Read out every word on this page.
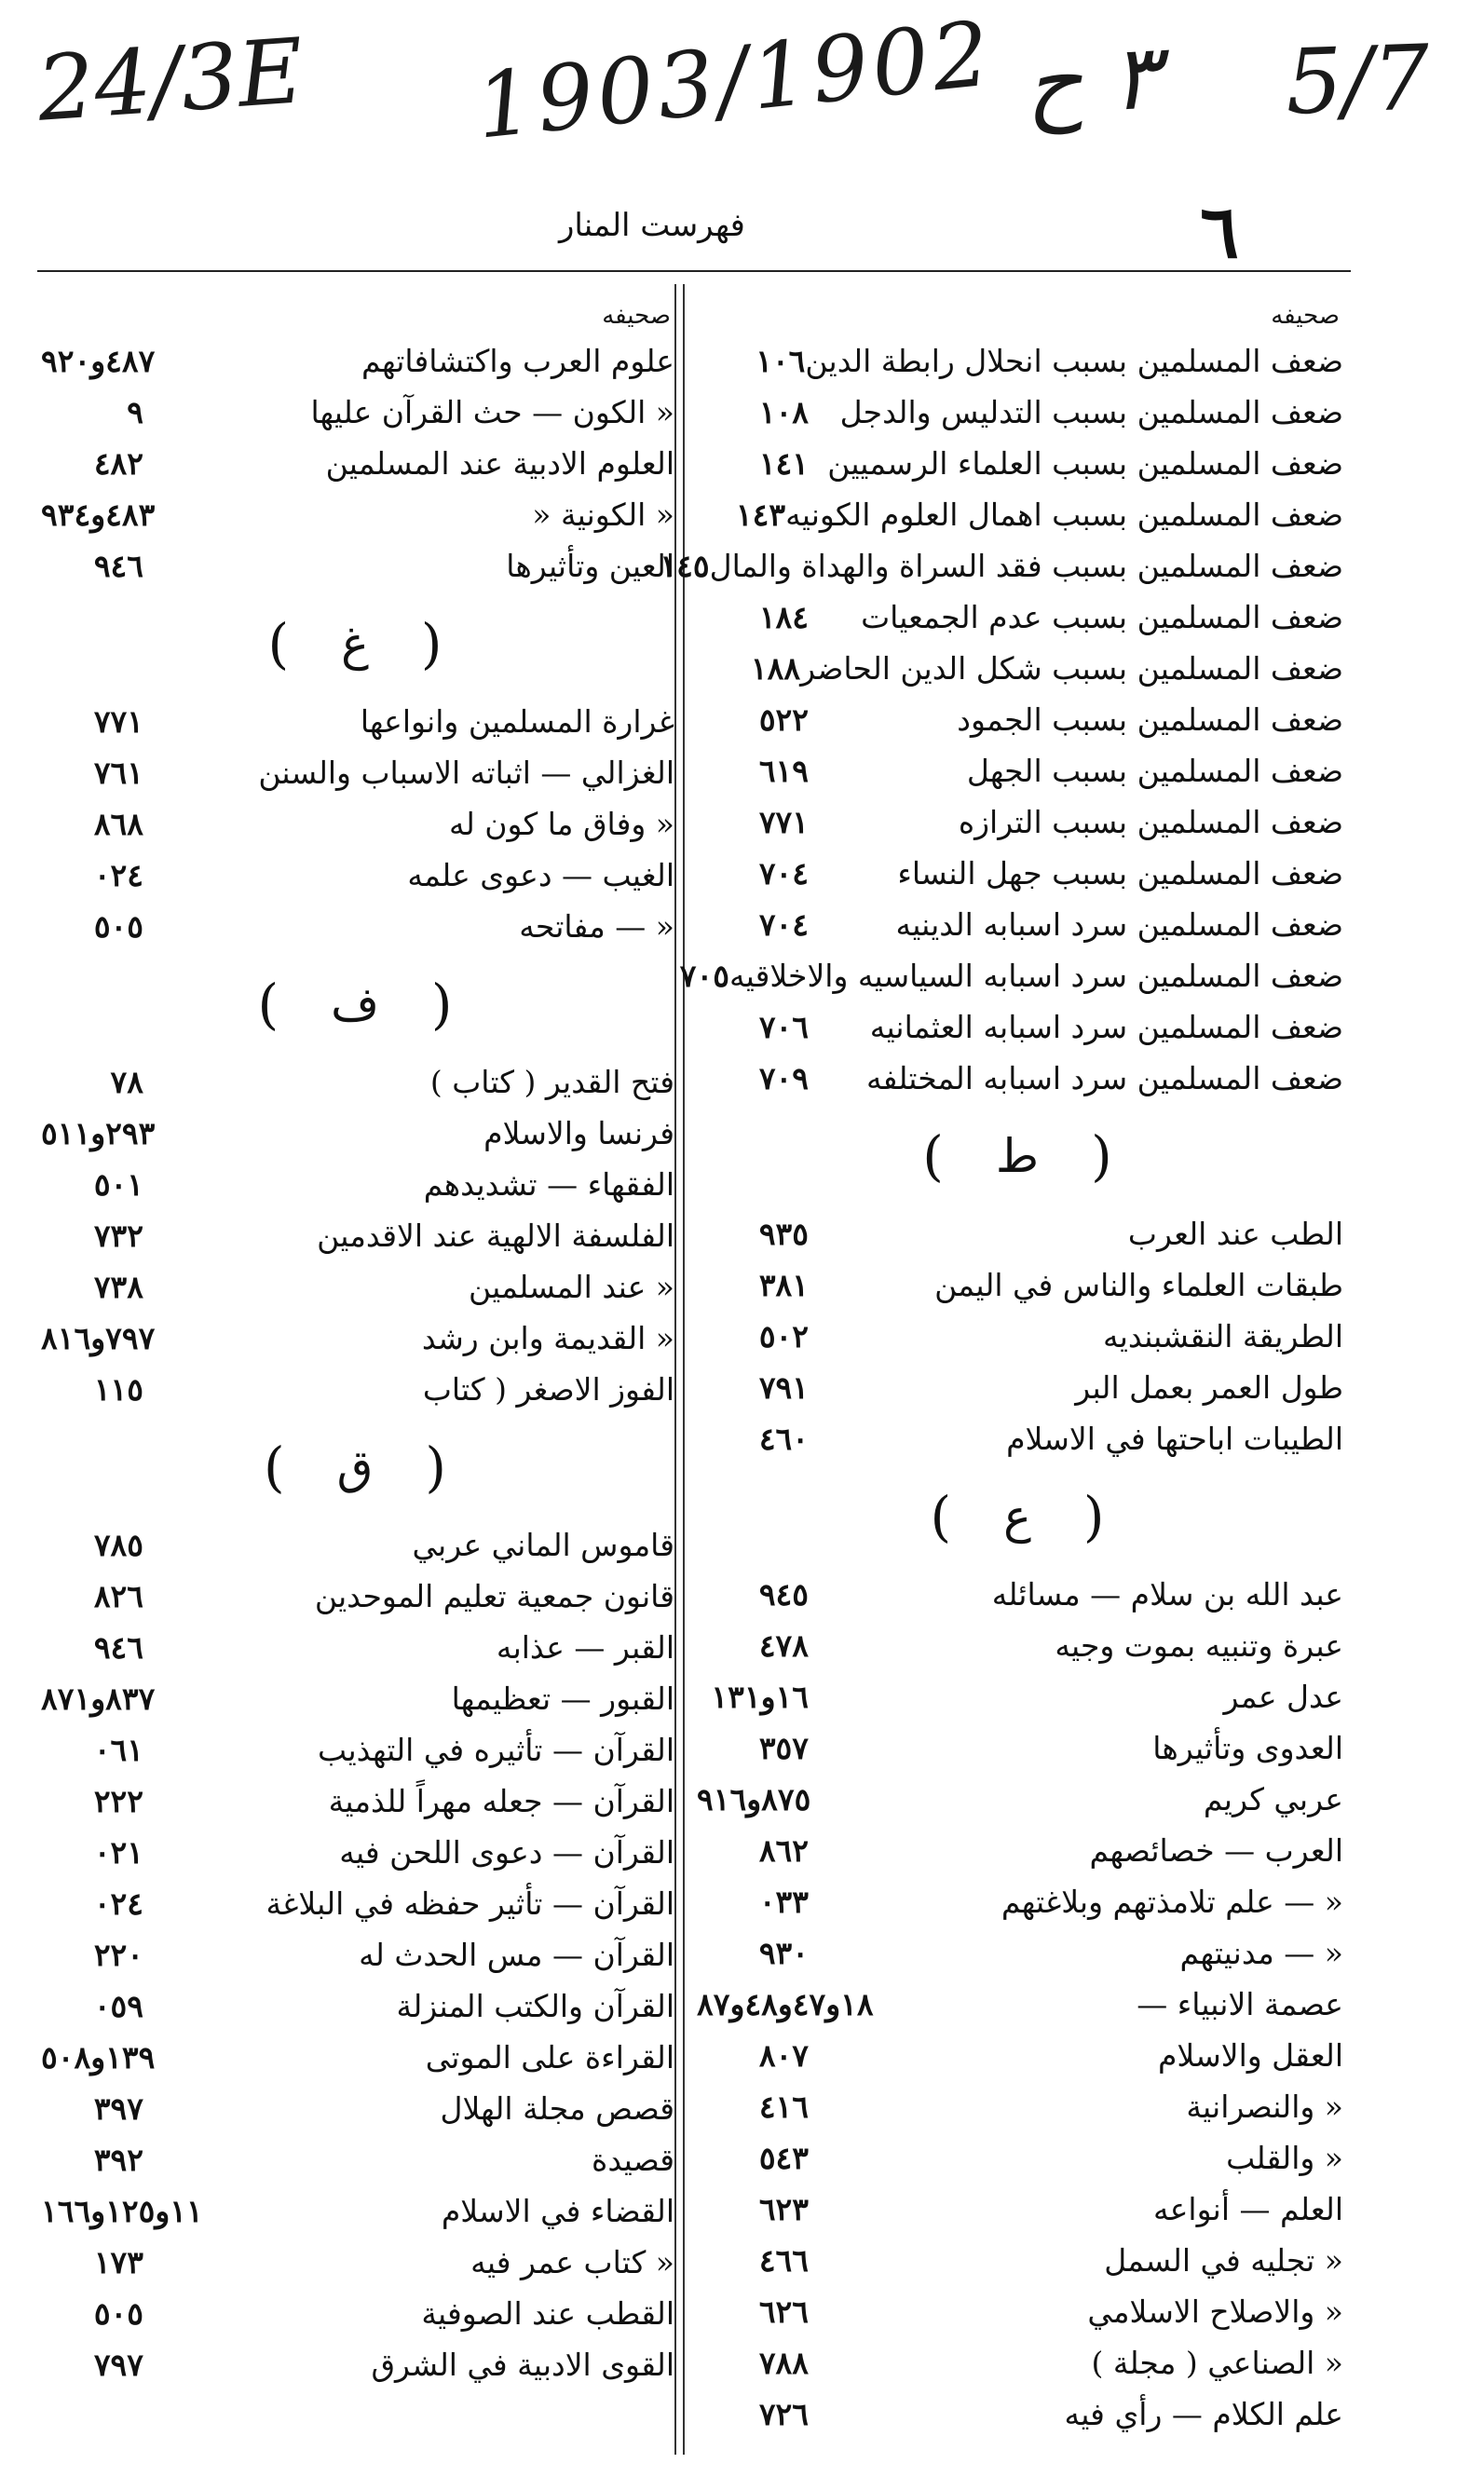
24/3E 1903/1902 ٣ ح 5/7
٦
فهرست المنار
صحيفه
ضعف المسلمين بسبب انحلال رابطة الدين
١٠٦
ضعف المسلمين بسبب التدليس والدجل
١٠٨
ضعف المسلمين بسبب العلماء الرسميين
١٤١
ضعف المسلمين بسبب اهمال العلوم الكونيه
١٤٣
ضعف المسلمين بسبب فقد السراة والهداة والمال
١٤٥
ضعف المسلمين بسبب عدم الجمعيات
١٨٤
ضعف المسلمين بسبب شكل الدين الحاضر
١٨٨
ضعف المسلمين بسبب الجمود
٥٢٢
ضعف المسلمين بسبب الجهل
٦١٩
ضعف المسلمين بسبب الترازه
٧٧١
ضعف المسلمين بسبب جهل النساء
٧٠٤
ضعف المسلمين سرد اسبابه الدينيه
٧٠٤
ضعف المسلمين سرد اسبابه السياسيه والاخلاقيه
٧٠٥
ضعف المسلمين سرد اسبابه العثمانيه
٧٠٦
ضعف المسلمين سرد اسبابه المختلفه
٧٠٩
(
ط
)
الطب عند العرب
٩٣٥
طبقات العلماء والناس في اليمن
٣٨١
الطريقة النقشبنديه
٥٠٢
طول العمر بعمل البر
٧٩١
الطيبات اباحتها في الاسلام
٤٦٠
(
ع
)
عبد الله بن سلام — مسائله
٩٤٥
عبرة وتنبيه بموت وجيه
٤٧٨
عدل عمر
١٦و١٣١
العدوى وتأثيرها
٣٥٧
عربي كريم
٨٧٥و٩١٦
العرب — خصائصهم
٨٦٢
« — علم تلامذتهم وبلاغتهم
٠٣٣
« — مدنيتهم
٩٣٠
عصمة الانبياء —
١٨و٤٧و٤٨و٨٧
العقل والاسلام
٨٠٧
« والنصرانية
٤١٦
« والقلب
٥٤٣
العلم — أنواعه
٦٢٣
« تجليه في السمل
٤٦٦
« والاصلاح الاسلامي
٦٢٦
« الصناعي ( مجلة )
٧٨٨
علم الكلام — رأي فيه
٧٢٦
صحيفه
علوم العرب واكتشافاتهم
٤٨٧و٩٢٠
« الكون — حث القرآن عليها
٩
العلوم الادبية عند المسلمين
٤٨٢
« الكونية «
٤٨٣و٩٣٤
العين وتأثيرها
٩٤٦
(
غ
)
غرارة المسلمين وانواعها
٧٧١
الغزالي — اثباته الاسباب والسنن
٧٦١
« وفاق ما كون له
٨٦٨
الغيب — دعوى علمه
٠٢٤
« — مفاتحه
٥٠٥
(
ف
)
فتح القدير ( كتاب )
٧٨
فرنسا والاسلام
٢٩٣و٥١١
الفقهاء — تشديدهم
٥٠١
الفلسفة الالهية عند الاقدمين
٧٣٢
« عند المسلمين
٧٣٨
« القديمة وابن رشد
٧٩٧و٨١٦
الفوز الاصغر ( كتاب
١١٥
(
ق
)
قاموس الماني عربي
٧٨٥
قانون جمعية تعليم الموحدين
٨٢٦
القبر — عذابه
٩٤٦
القبور — تعظيمها
٨٣٧و٨٧١
القرآن — تأثيره في التهذيب
٠٦١
القرآن — جعله مهراً للذمية
٢٢٢
القرآن — دعوى اللحن فيه
٠٢١
القرآن — تأثير حفظه في البلاغة
٠٢٤
القرآن — مس الحدث له
٢٢٠
القرآن والكتب المنزلة
٠٥٩
القراءة على الموتى
١٣٩و٥٠٨
قصص مجلة الهلال
٣٩٧
قصيدة
٣٩٢
القضاء في الاسلام
١١و١٢٥و١٦٦
« كتاب عمر فيه
١٧٣
القطب عند الصوفية
٥٠٥
القوى الادبية في الشرق
٧٩٧
